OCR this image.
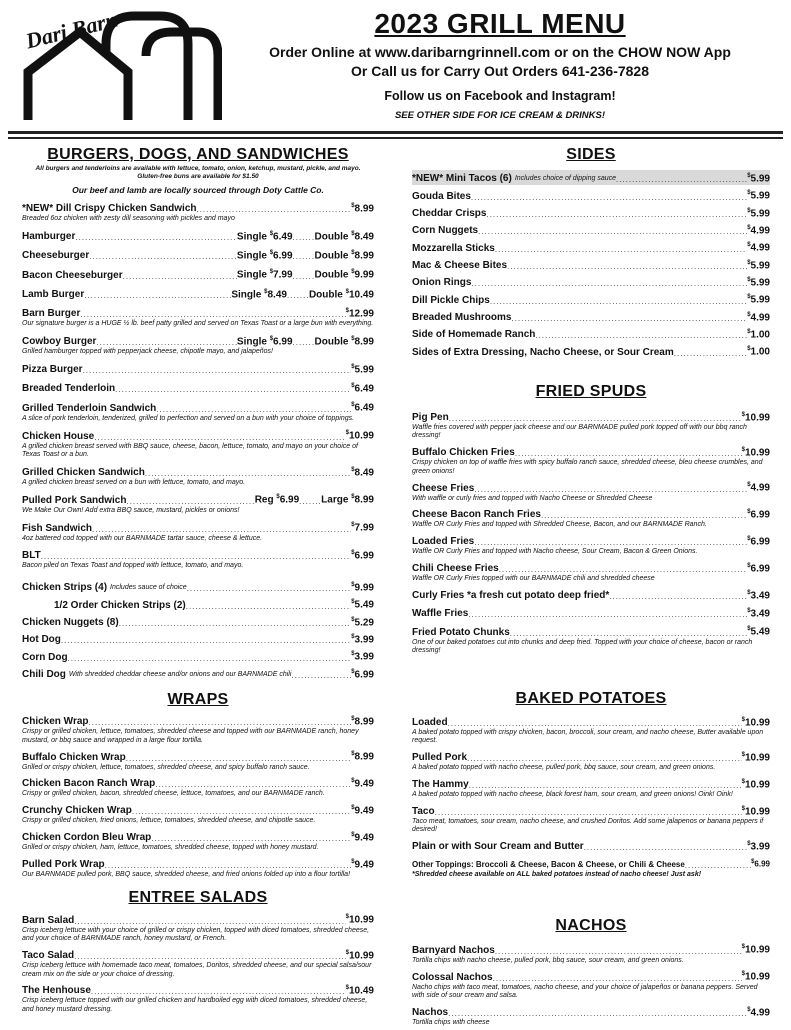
Dari Barn	2023 GRILL MENU
Order Online at www.daribarngrinnell.com or on the CHOW NOW App
Or Call us for Carry Out Orders 641-236-7828
Follow us on Facebook and Instagram!
SEE OTHER SIDE FOR ICE CREAM & DRINKS!
BURGERS, DOGS, AND SANDWICHES
All burgers and tenderloins are available with lettuce, tomato, onion, ketchup, mustard, pickle, and mayo.
Gluten-free buns are available for $1.50
Our beef and lamb are locally sourced through Doty Cattle Co.
*NEW* Dill Crispy Chicken Sandwich .....	$8.99
Breaded 6oz chicken with zesty dill seasoning with pickles and mayo
Hamburger .....	Single $6.49 ..... Double $8.49
Cheeseburger .....	Single $6.99 ..... Double $8.99
Bacon Cheeseburger .....	Single $7.99 ..... Double $9.99
Lamb Burger .....	Single $8.49 ..... Double $10.49
Barn Burger .....	$12.99
Our signature burger is a HUGE ½ lb. beef patty grilled and served on Texas Toast or a large bun with everything.
Cowboy Burger .....	Single $6.99 ..... Double $8.99
Grilled hamburger topped with pepperjack cheese, chipotle mayo, and jalapeños!
Pizza Burger .....	$5.99
Breaded Tenderloin .....	$6.49
Grilled Tenderloin Sandwich .....	$6.49
A slice of pork tenderloin, tenderized, grilled to perfection and served on a bun with your choice of toppings.
Chicken House .....	$10.99
A grilled chicken breast served with BBQ sauce, cheese, bacon, lettuce, tomato, and mayo on your choice of Texas Toast or a bun.
Grilled Chicken Sandwich .....	$8.49
A grilled chicken breast served on a bun with lettuce, tomato, and mayo.
Pulled Pork Sandwich .....	Reg $6.99 ..... Large $8.99
We Make Our Own! Add extra BBQ sauce, mustard, pickles or onions!
Fish Sandwich .....	$7.99
4oz battered cod topped with our BARNMADE tartar sauce, cheese & lettuce.
BLT .....	$6.99
Bacon piled on Texas Toast and topped with lettuce, tomato, and mayo.
Chicken Strips (4) Includes sauce of choice .....	$9.99
1/2 Order Chicken Strips (2) .....	$5.49
Chicken Nuggets (8) .....	$5.29
Hot Dog .....	$3.99
Corn Dog .....	$3.99
Chili Dog With shredded cheddar cheese and/or onions and our BARNMADE chili .....	$6.99
WRAPS
Chicken Wrap .....	$8.99
Crispy or grilled chicken, lettuce, tomatoes, shredded cheese and topped with our BARNMADE ranch, honey mustard, or bbq sauce and wrapped in a large flour tortilla.
Buffalo Chicken Wrap .....	$8.99
Grilled or crispy chicken, lettuce, tomatoes, shredded cheese, and spicy buffalo ranch sauce.
Chicken Bacon Ranch Wrap .....	$9.49
Crispy or grilled chicken, bacon, shredded cheese, lettuce, tomatoes, and our BARNMADE ranch.
Crunchy Chicken Wrap .....	$9.49
Crispy or grilled chicken, fried onions, lettuce, tomatoes, shredded cheese, and chipotle sauce.
Chicken Cordon Bleu Wrap .....	$9.49
Grilled or crispy chicken, ham, lettuce, tomatoes, shredded cheese, topped with honey mustard.
Pulled Pork Wrap .....	$9.49
Our BARNMADE pulled pork, BBQ sauce, shredded cheese, and fried onions folded up into a flour tortilla!
ENTREE SALADS
Barn Salad .....	$10.99
Crisp iceberg lettuce with your choice of grilled or crispy chicken, topped with diced tomatoes, shredded cheese, and your choice of BARNMADE ranch, honey mustard, or French.
Taco Salad .....	$10.99
Crisp iceberg lettuce with homemade taco meat, tomatoes, Doritos, shredded cheese, and our special salsa/sour cream mix on the side or your choice of dressing.
The Henhouse .....	$10.49
Crisp iceberg lettuce topped with our grilled chicken and hardboiled egg with diced tomatoes, shredded cheese, and honey mustard dressing.
SIDES
*NEW* Mini Tacos (6) Includes choice of dipping sauce .....	$5.99
Gouda Bites .....	$5.99
Cheddar Crisps .....	$5.99
Corn Nuggets .....	$4.99
Mozzarella Sticks .....	$4.99
Mac & Cheese Bites .....	$5.99
Onion Rings .....	$5.99
Dill Pickle Chips .....	$5.99
Breaded Mushrooms .....	$4.99
Side of Homemade Ranch .....	$1.00
Sides of Extra Dressing, Nacho Cheese, or Sour Cream .....	$1.00
FRIED SPUDS
Pig Pen .....	$10.99
Waffle fries covered with pepper jack cheese and our BARNMADE pulled pork topped off with our bbq ranch dressing!
Buffalo Chicken Fries .....	$10.99
Crispy chicken on top of waffle fries with spicy buffalo ranch sauce, shredded cheese, bleu cheese crumbles, and green onions!
Cheese Fries .....	$4.99
With waffle or curly fries and topped with Nacho Cheese or Shredded Cheese
Cheese Bacon Ranch Fries .....	$6.99
Waffle OR Curly Fries and topped with Shredded Cheese, Bacon, and our BARNMADE Ranch.
Loaded Fries .....	$6.99
Waffle OR Curly Fries and topped with Nacho cheese, Sour Cream, Bacon & Green Onions.
Chili Cheese Fries .....	$6.99
Waffle OR Curly Fries topped with our BARNMADE chili and shredded cheese
Curly Fries *a fresh cut potato deep fried* .....	$3.49
Waffle Fries .....	$3.49
Fried Potato Chunks .....	$5.49
One of our baked potatoes cut into chunks and deep fried. Topped with your choice of cheese, bacon or ranch dressing!
BAKED POTATOES
Loaded .....	$10.99
A baked potato topped with crispy chicken, bacon, broccoli, sour cream, and nacho cheese, Butter available upon request.
Pulled Pork .....	$10.99
A baked potato topped with nacho cheese, pulled pork, bbq sauce, sour cream, and green onions.
The Hammy .....	$10.99
A baked potato topped with nacho cheese, black forest ham, sour cream, and green onions! Oink! Oink!
Taco .....	$10.99
Taco meat, tomatoes, sour cream, nacho cheese, and crushed Doritos. Add some jalapenos or banana peppers if desired!
Plain or with Sour Cream and Butter .....	$3.99
Other Toppings: Broccoli & Cheese, Bacon & Cheese, or Chili & Cheese .....	$6.99
*Shredded cheese available on ALL baked potatoes instead of nacho cheese! Just ask!
NACHOS
Barnyard Nachos .....	$10.99
Tortilla chips with nacho cheese, pulled pork, bbq sauce, sour cream, and green onions.
Colossal Nachos .....	$10.99
Nacho chips with taco meat, tomatoes, nacho cheese, and your choice of jalapeños or banana peppers. Served with side of sour cream and salsa.
Nachos .....	$4.99
Tortilla chips with cheese
